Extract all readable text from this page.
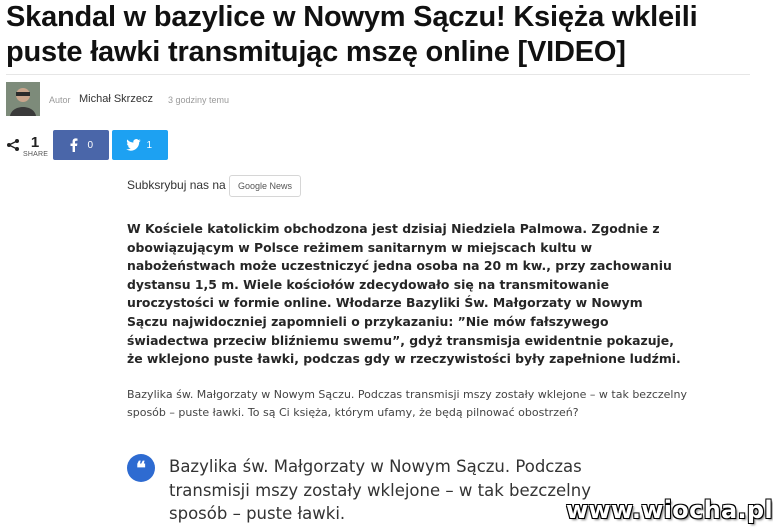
Skandal w bazylice w Nowym Sączu! Księża wkleili puste ławki transmitując mszę online [VIDEO]
Autor Michał Skrzecz 3 godziny temu
1
SHARE
0	1
Subksrybuj nas na Google News
W Kościele katolickim obchodzona jest dzisiaj Niedziela Palmowa. Zgodnie z obowiązującym w Polsce reżimem sanitarnym w miejscach kultu w nabożeństwach może uczestniczyć jedna osoba na 20 m kw., przy zachowaniu dystansu 1,5 m. Wiele kościołów zdecydowało się na transmitowanie uroczystości w formie online. Włodarze Bazyliki Św. Małgorzaty w Nowym Sączu najwidoczniej zapomnieli o przykazaniu: ”Nie mów fałszywego świadectwa przeciw bliźniemu swemu”, gdyż transmisja ewidentnie pokazuje, że wklejono puste ławki, podczas gdy w rzeczywistości były zapełnione ludźmi.
Bazylika św. Małgorzaty w Nowym Sączu. Podczas transmisji mszy zostały wklejone – w tak bezczelny sposób – puste ławki. To są Ci księża, którym ufamy, że będą pilnować obostrzeń?
❝	Bazylika św. Małgorzaty w Nowym Sączu. Podczas transmisji mszy zostały wklejone – w tak bezczelny sposób – puste ławki.	www.wiocha.pl
